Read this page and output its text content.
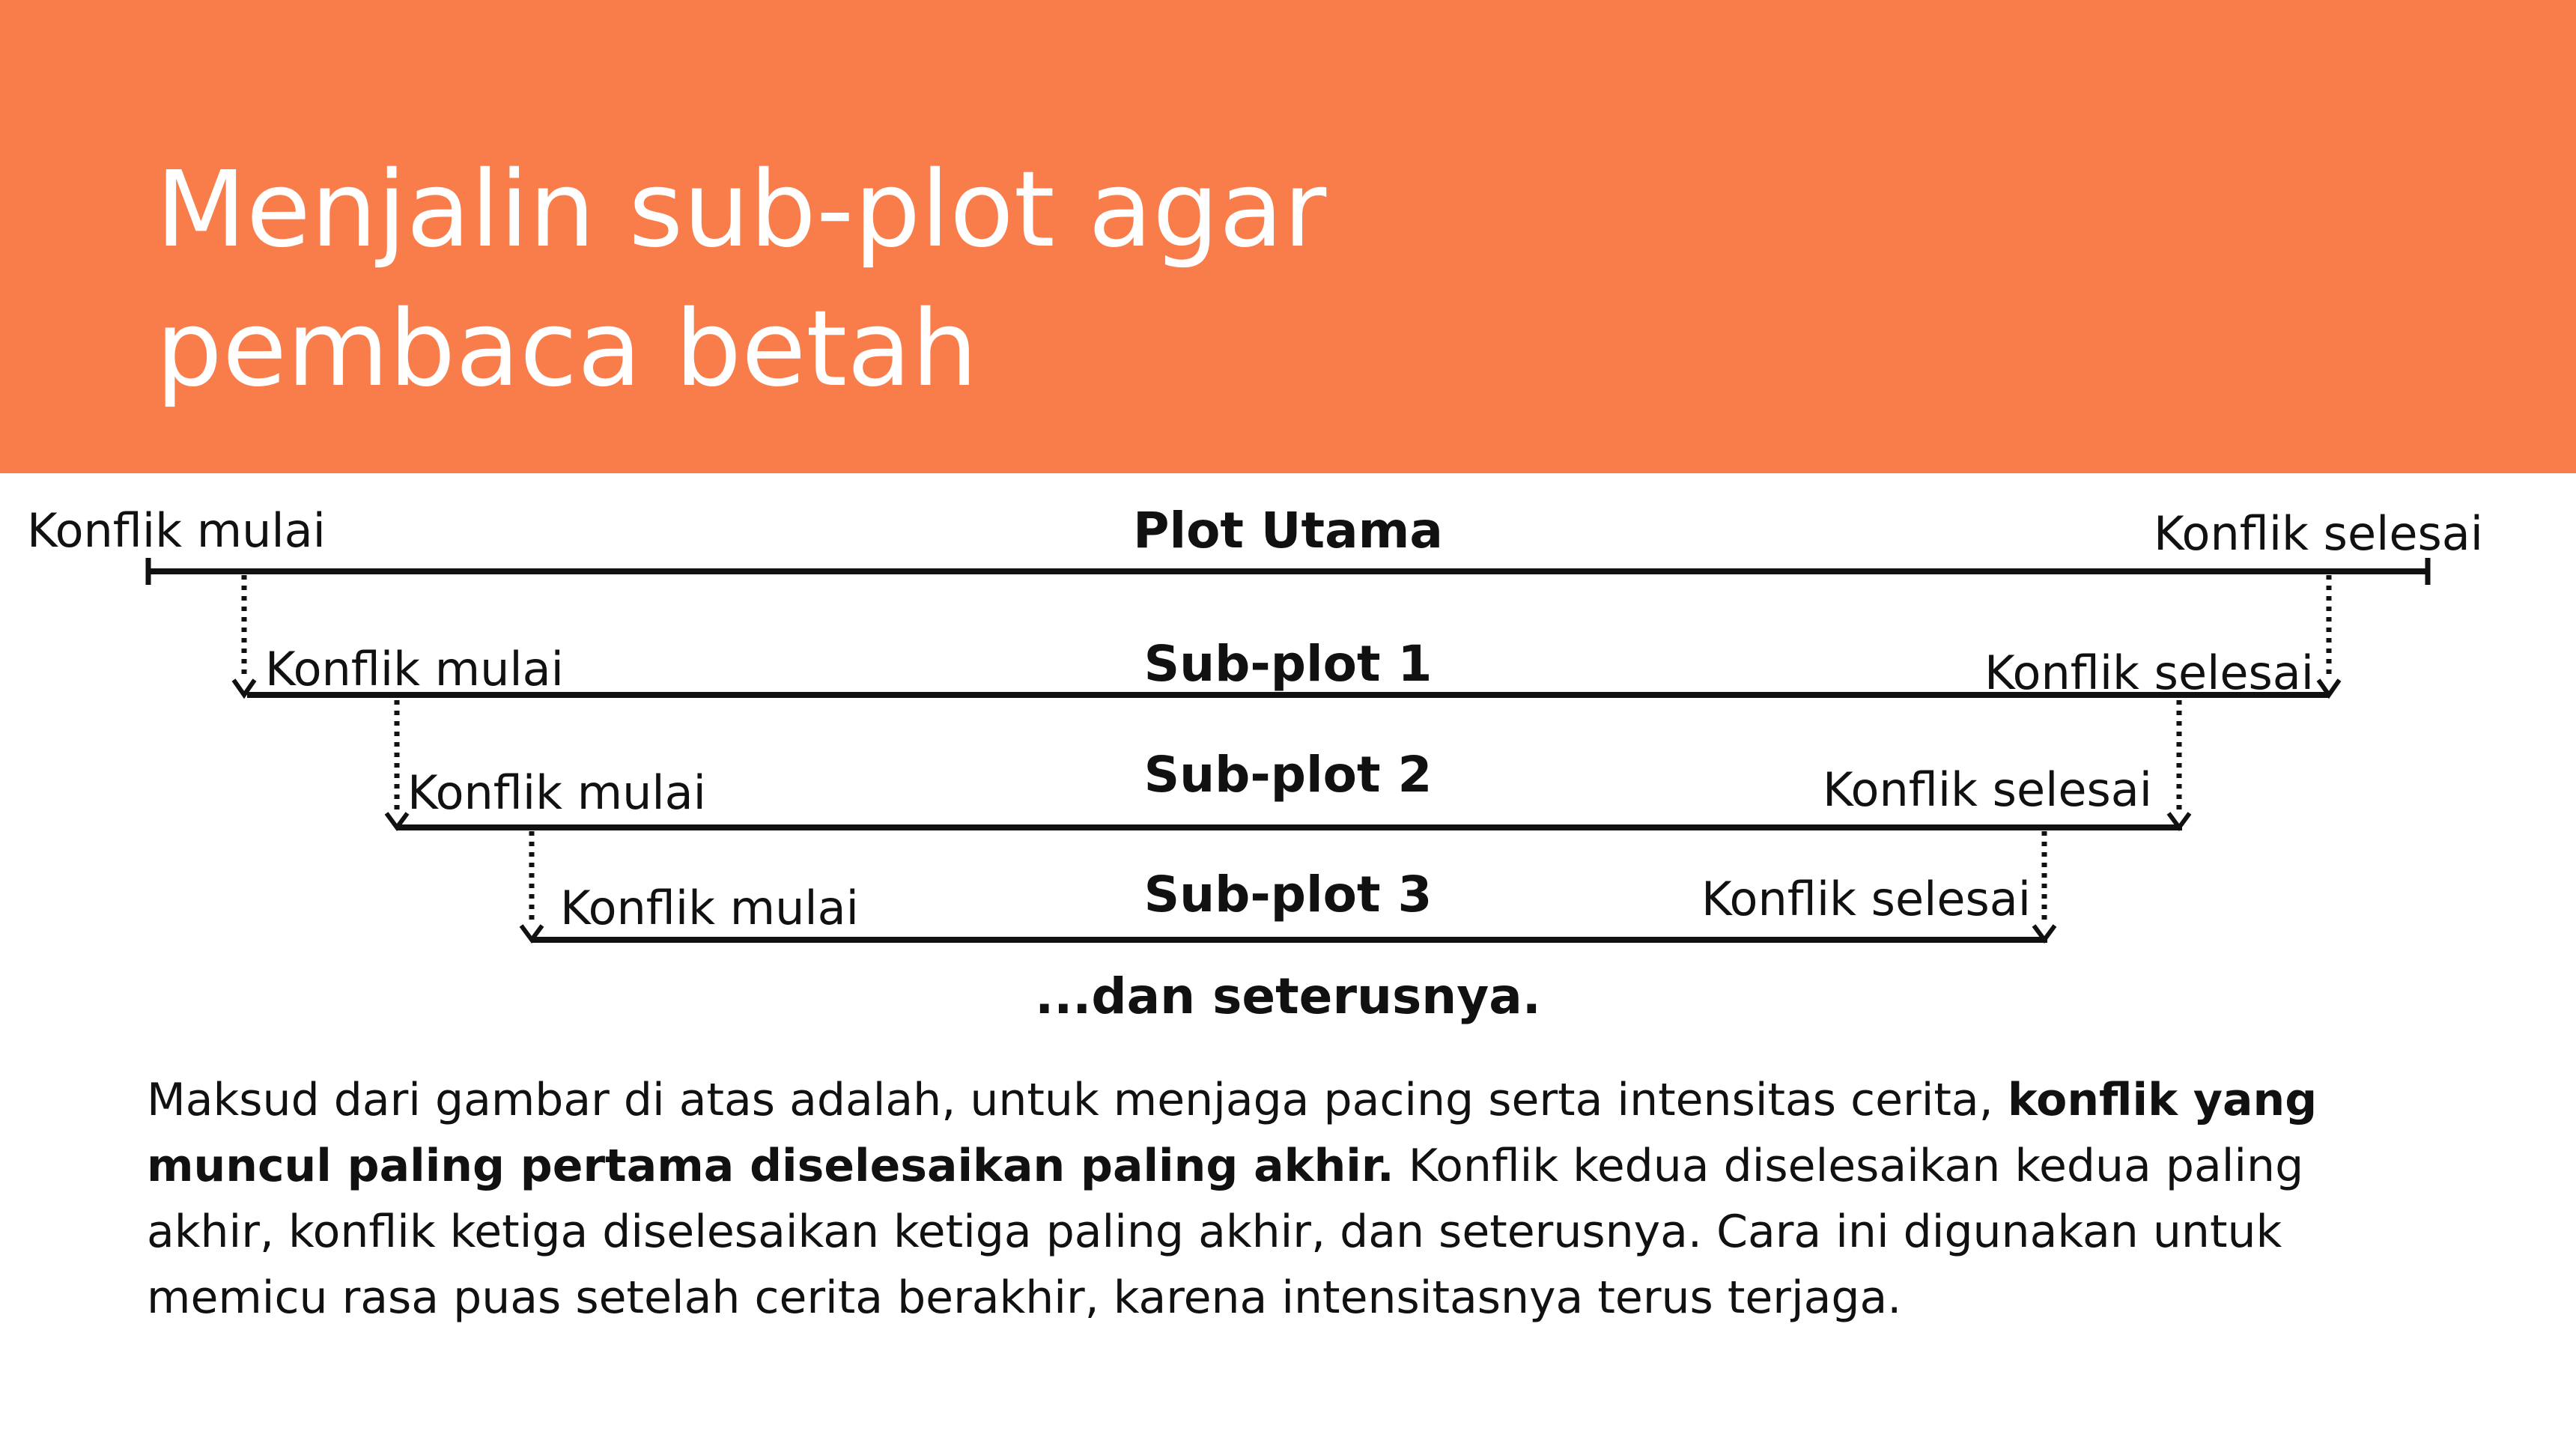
Menjalin sub-plot agar
pembaca betah
Konflik mulai	Plot Utama	Konflik selesai
Konflik mulai	Sub-plot 1	Konflik selesai
Konflik mulai	Sub-plot 2	Konflik selesai
Konflik mulai	Sub-plot 3	Konflik selesai
...dan seterusnya.

Maksud dari gambar di atas adalah, untuk menjaga pacing serta intensitas cerita, konflik yang muncul paling pertama diselesaikan paling akhir. Konflik kedua diselesaikan kedua paling akhir, konflik ketiga diselesaikan ketiga paling akhir, dan seterusnya. Cara ini digunakan untuk memicu rasa puas setelah cerita berakhir, karena intensitasnya terus terjaga.
